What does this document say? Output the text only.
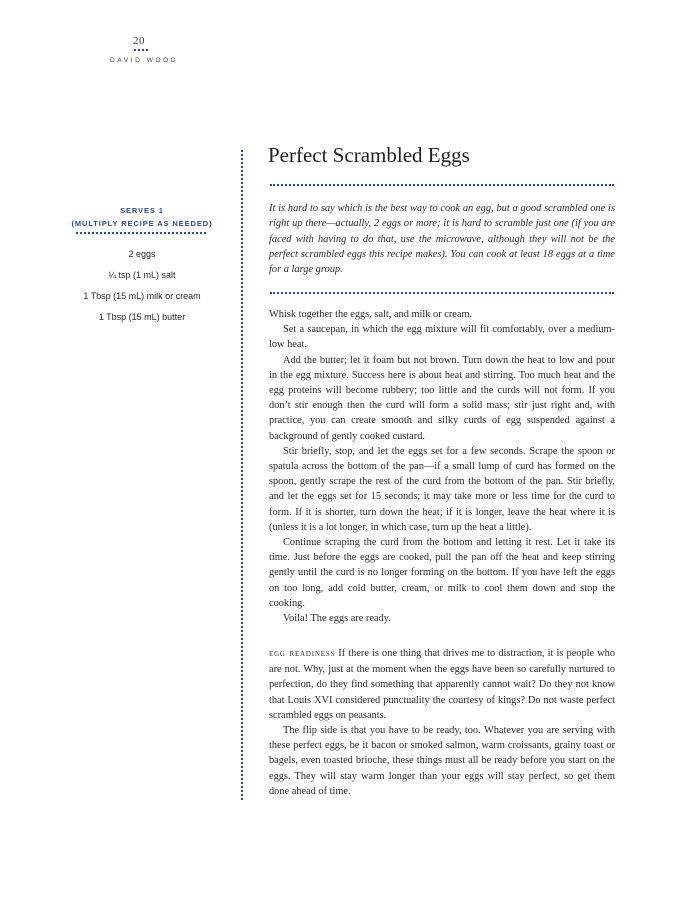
20
DAVID WOOD
SERVES 1
(MULTIPLY RECIPE AS NEEDED)
2 eggs
¼ tsp (1 mL) salt
1 Tbsp (15 mL) milk or cream
1 Tbsp (15 mL) butter
Perfect Scrambled Eggs

It is hard to say which is the best way to cook an egg, but a good scrambled one is right up there—actually, 2 eggs or more; it is hard to scramble just one (if you are faced with having to do that, use the microwave, although they will not be the perfect scrambled eggs this recipe makes). You can cook at least 18 eggs at a time for a large group.

Whisk together the eggs, salt, and milk or cream.

Set a saucepan, in which the egg mixture will fit comfortably, over a medium-low heat.

Add the butter; let it foam but not brown. Turn down the heat to low and pour in the egg mixture. Success here is about heat and stirring. Too much heat and the egg proteins will become rubbery; too little and the curds will not form. If you don’t stir enough then the curd will form a solid mass; stir just right and, with practice, you can create smooth and silky curds of egg suspended against a background of gently cooked custard.

Stir briefly, stop, and let the eggs set for a few seconds. Scrape the spoon or spatula across the bottom of the pan—if a small lump of curd has formed on the spoon, gently scrape the rest of the curd from the bottom of the pan. Stir briefly, and let the eggs set for 15 seconds; it may take more or less time for the curd to form. If it is shorter, turn down the heat; if it is longer, leave the heat where it is (unless it is a lot longer, in which case, turn up the heat a little).

Continue scraping the curd from the bottom and letting it rest. Let it take its time. Just before the eggs are cooked, pull the pan off the heat and keep stirring gently until the curd is no longer forming on the bottom. If you have left the eggs on too long, add cold butter, cream, or milk to cool them down and stop the cooking.

Voila! The eggs are ready.

egg readiness If there is one thing that drives me to distraction, it is people who are not. Why, just at the moment when the eggs have been so carefully nurtured to perfection, do they find something that apparently cannot wait? Do they not know that Louis XVI considered punctuality the courtesy of kings? Do not waste perfect scrambled eggs on peasants.

The flip side is that you have to be ready, too. Whatever you are serving with these perfect eggs, be it bacon or smoked salmon, warm croissants, grainy toast or bagels, even toasted brioche, these things must all be ready before you start on the eggs. They will stay warm longer than your eggs will stay perfect, so get them done ahead of time.
